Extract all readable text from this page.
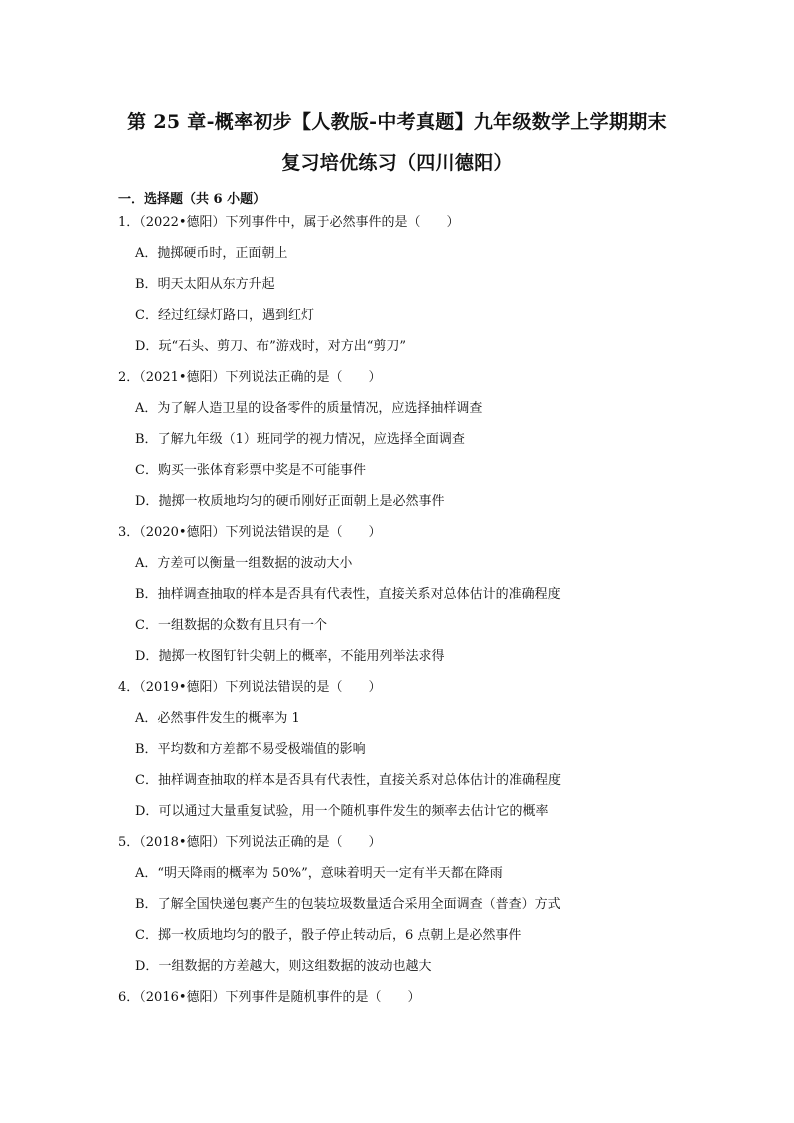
第 25 章-概率初步【人教版-中考真题】九年级数学上学期期末
复习培优练习（四川德阳）
一．选择题（共 6 小题）
1．（2022•德阳）下列事件中，属于必然事件的是（　　）
A．抛掷硬币时，正面朝上
B．明天太阳从东方升起
C．经过红绿灯路口，遇到红灯
D．玩“石头、剪刀、布”游戏时，对方出“剪刀”
2．（2021•德阳）下列说法正确的是（　　）
A．为了解人造卫星的设备零件的质量情况，应选择抽样调查
B．了解九年级（1）班同学的视力情况，应选择全面调查
C．购买一张体育彩票中奖是不可能事件
D．抛掷一枚质地均匀的硬币刚好正面朝上是必然事件
3．（2020•德阳）下列说法错误的是（　　）
A．方差可以衡量一组数据的波动大小
B．抽样调查抽取的样本是否具有代表性，直接关系对总体估计的准确程度
C．一组数据的众数有且只有一个
D．抛掷一枚图钉针尖朝上的概率，不能用列举法求得
4．（2019•德阳）下列说法错误的是（　　）
A．必然事件发生的概率为 1
B．平均数和方差都不易受极端值的影响
C．抽样调查抽取的样本是否具有代表性，直接关系对总体估计的准确程度
D．可以通过大量重复试验，用一个随机事件发生的频率去估计它的概率
5．（2018•德阳）下列说法正确的是（　　）
A．“明天降雨的概率为 50%”，意味着明天一定有半天都在降雨
B．了解全国快递包裹产生的包装垃圾数量适合采用全面调查（普查）方式
C．掷一枚质地均匀的骰子，骰子停止转动后，6 点朝上是必然事件
D．一组数据的方差越大，则这组数据的波动也越大
6．（2016•德阳）下列事件是随机事件的是（　　）
